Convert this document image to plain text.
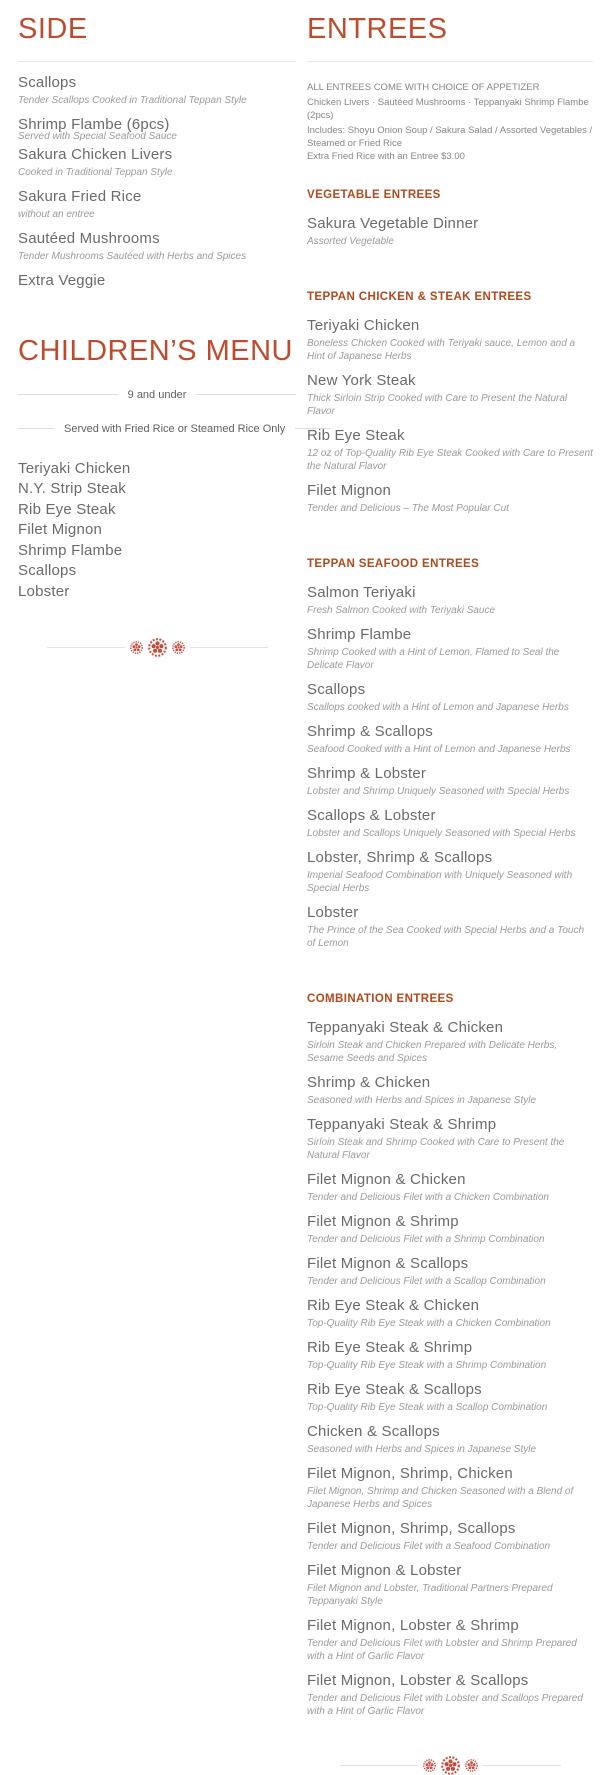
SIDE
Scallops
Tender Scallops Cooked in Traditional Teppan Style
Shrimp Flambe (6pcs)
Served with Special Seafood Sauce
Sakura Chicken Livers
Cooked in Traditional Teppan Style
Sakura Fried Rice
without an entree
Sautéed Mushrooms
Tender Mushrooms Sautéed with Herbs and Spices
Extra Veggie
CHILDREN’S MENU
9 and under
Served with Fried Rice or Steamed Rice Only
Teriyaki Chicken
N.Y. Strip Steak
Rib Eye Steak
Filet Mignon
Shrimp Flambe
Scallops
Lobster
ENTREES

ALL ENTREES COME WITH CHOICE OF APPETIZER

Chicken Livers · Sautéed Mushrooms · Teppanyaki Shrimp Flambe (2pcs)

Includes: Shoyu Onion Soup / Sakura Salad / Assorted Vegetables /

Steamed or Fried Rice

Extra Fried Rice with an Entree $3.00

VEGETABLE ENTREES
Sakura Vegetable Dinner
Assorted Vegetable
TEPPAN CHICKEN & STEAK ENTREES
Teriyaki Chicken
Boneless Chicken Cooked with Teriyaki sauce, Lemon and a Hint of Japanese Herbs
New York Steak
Thick Sirloin Strip Cooked with Care to Present the Natural Flavor
Rib Eye Steak
12 oz of Top-Quality Rib Eye Steak Cooked with Care to Present the Natural Flavor
Filet Mignon
Tender and Delicious – The Most Popular Cut
TEPPAN SEAFOOD ENTREES
Salmon Teriyaki
Fresh Salmon Cooked with Teriyaki Sauce
Shrimp Flambe
Shrimp Cooked with a Hint of Lemon, Flamed to Seal the Delicate Flavor
Scallops
Scallops cooked with a Hint of Lemon and Japanese Herbs
Shrimp & Scallops
Seafood Cooked with a Hint of Lemon and Japanese Herbs
Shrimp & Lobster
Lobster and Shrimp Uniquely Seasoned with Special Herbs
Scallops & Lobster
Lobster and Scallops Uniquely Seasoned with Special Herbs
Lobster, Shrimp & Scallops
Imperial Seafood Combination with Uniquely Seasoned with Special Herbs
Lobster
The Prince of the Sea Cooked with Special Herbs and a Touch of Lemon
COMBINATION ENTREES
Teppanyaki Steak & Chicken
Sirloin Steak and Chicken Prepared with Delicate Herbs, Sesame Seeds and Spices
Shrimp & Chicken
Seasoned with Herbs and Spices in Japanese Style
Teppanyaki Steak & Shrimp
Sirloin Steak and Shrimp Cooked with Care to Present the Natural Flavor
Filet Mignon & Chicken
Tender and Delicious Filet with a Chicken Combination
Filet Mignon & Shrimp
Tender and Delicious Filet with a Shrimp Combination
Filet Mignon & Scallops
Tender and Delicious Filet with a Scallop Combination
Rib Eye Steak & Chicken
Top-Quality Rib Eye Steak with a Chicken Combination
Rib Eye Steak & Shrimp
Top-Quality Rib Eye Steak with a Shrimp Combination
Rib Eye Steak & Scallops
Top-Quality Rib Eye Steak with a Scallop Combination
Chicken & Scallops
Seasoned with Herbs and Spices in Japanese Style
Filet Mignon, Shrimp, Chicken
Filet Mignon, Shrimp and Chicken Seasoned with a Blend of Japanese Herbs and Spices
Filet Mignon, Shrimp, Scallops
Tender and Delicious Filet with a Seafood Combination
Filet Mignon & Lobster
Filet Mignon and Lobster, Traditional Partners Prepared Teppanyaki Style
Filet Mignon, Lobster & Shrimp
Tender and Delicious Filet with Lobster and Shrimp Prepared with a Hint of Garlic Flavor
Filet Mignon, Lobster & Scallops
Tender and Delicious Filet with Lobster and Scallops Prepared with a Hint of Garlic Flavor
